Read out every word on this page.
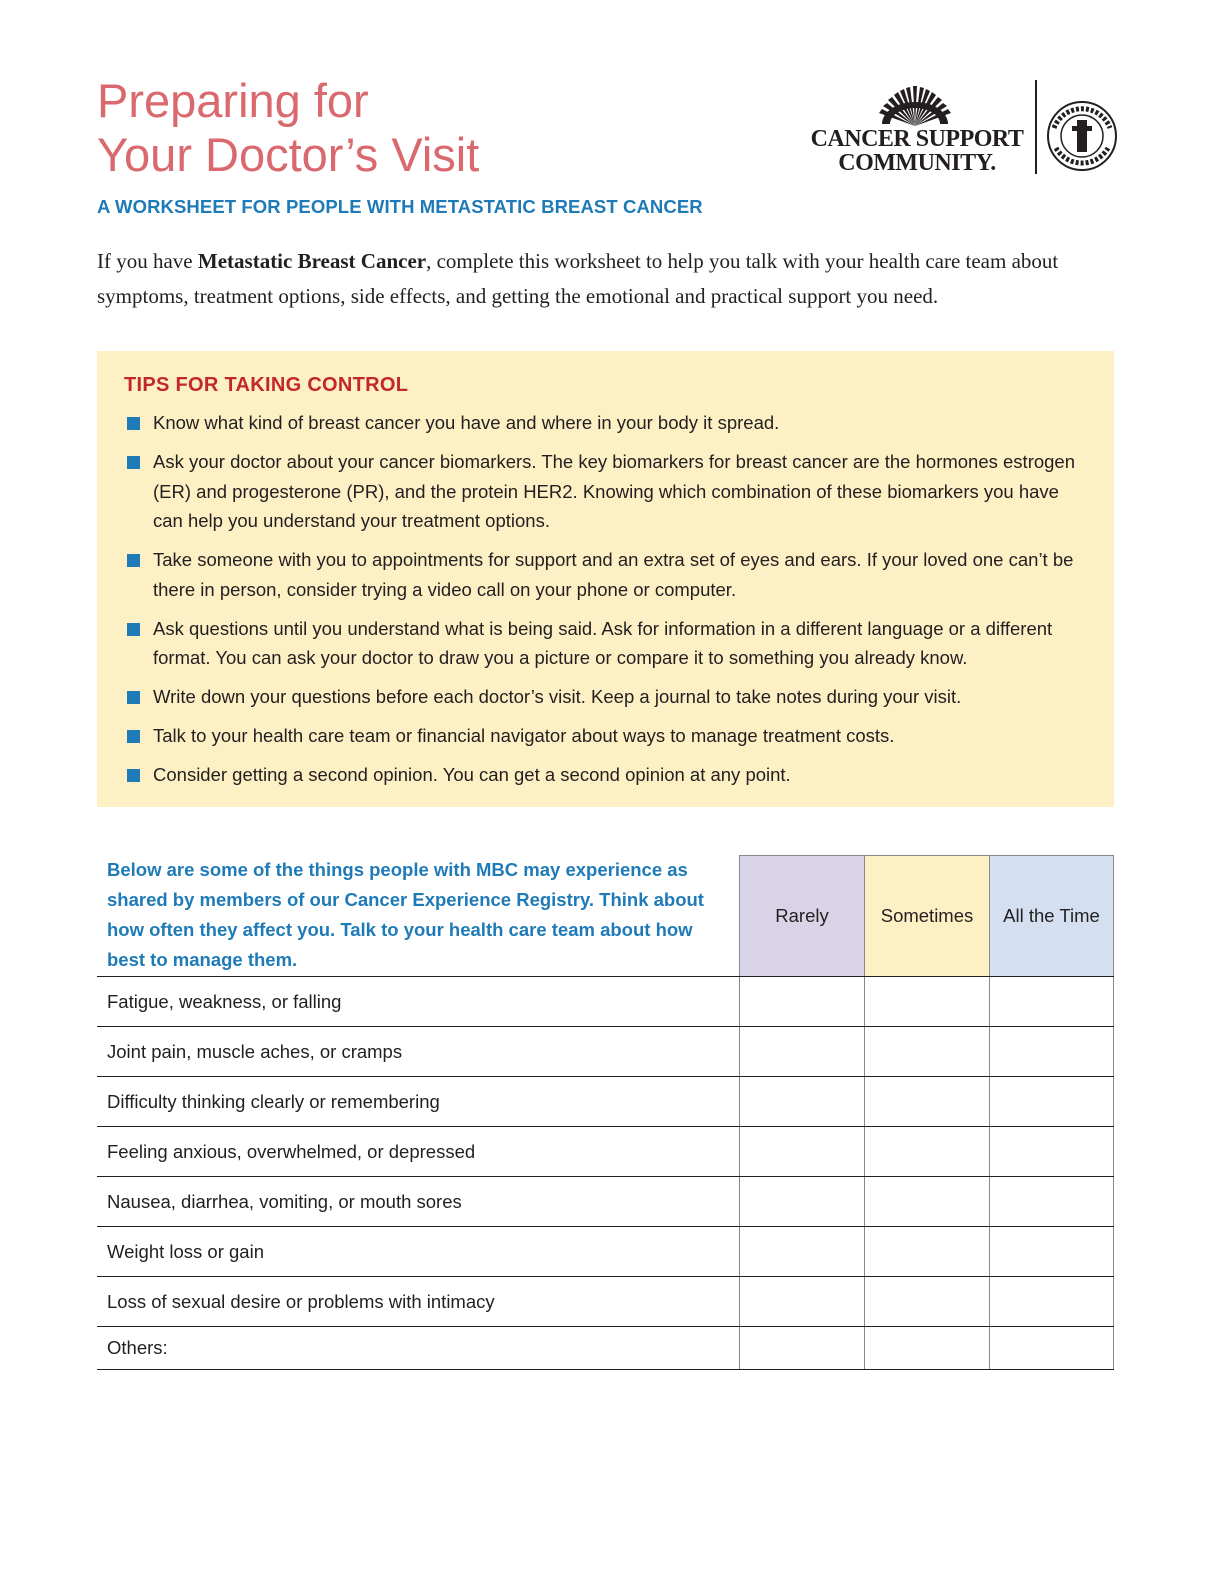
Preparing for
Your Doctor’s Visit
A WORKSHEET FOR PEOPLE WITH METASTATIC BREAST CANCER
CANCER SUPPORT
COMMUNITY.

If you have Metastatic Breast Cancer, complete this worksheet to help you talk with your health care team about symptoms, treatment options, side effects, and getting the emotional and practical support you need.

TIPS FOR TAKING CONTROL
Know what kind of breast cancer you have and where in your body it spread.
Ask your doctor about your cancer biomarkers. The key biomarkers for breast cancer are the hormones estrogen (ER) and progesterone (PR), and the protein HER2. Knowing which combination of these biomarkers you have can help you understand your treatment options.
Take someone with you to appointments for support and an extra set of eyes and ears. If your loved one can’t be there in person, consider trying a video call on your phone or computer.
Ask questions until you understand what is being said. Ask for information in a different language or a different format. You can ask your doctor to draw you a picture or compare it to something you already know.
Write down your questions before each doctor’s visit. Keep a journal to take notes during your visit.
Talk to your health care team or financial navigator about ways to manage treatment costs.
Consider getting a second opinion. You can get a second opinion at any point.
Below are some of the things people with MBC may experience as shared by members of our Cancer Experience Registry. Think about how often they affect you. Talk to your health care team about how best to manage them.
Rarely	Sometimes	All the Time
Fatigue, weakness, or falling
Joint pain, muscle aches, or cramps
Difficulty thinking clearly or remembering
Feeling anxious, overwhelmed, or depressed
Nausea, diarrhea, vomiting, or mouth sores
Weight loss or gain
Loss of sexual desire or problems with intimacy
Others:
